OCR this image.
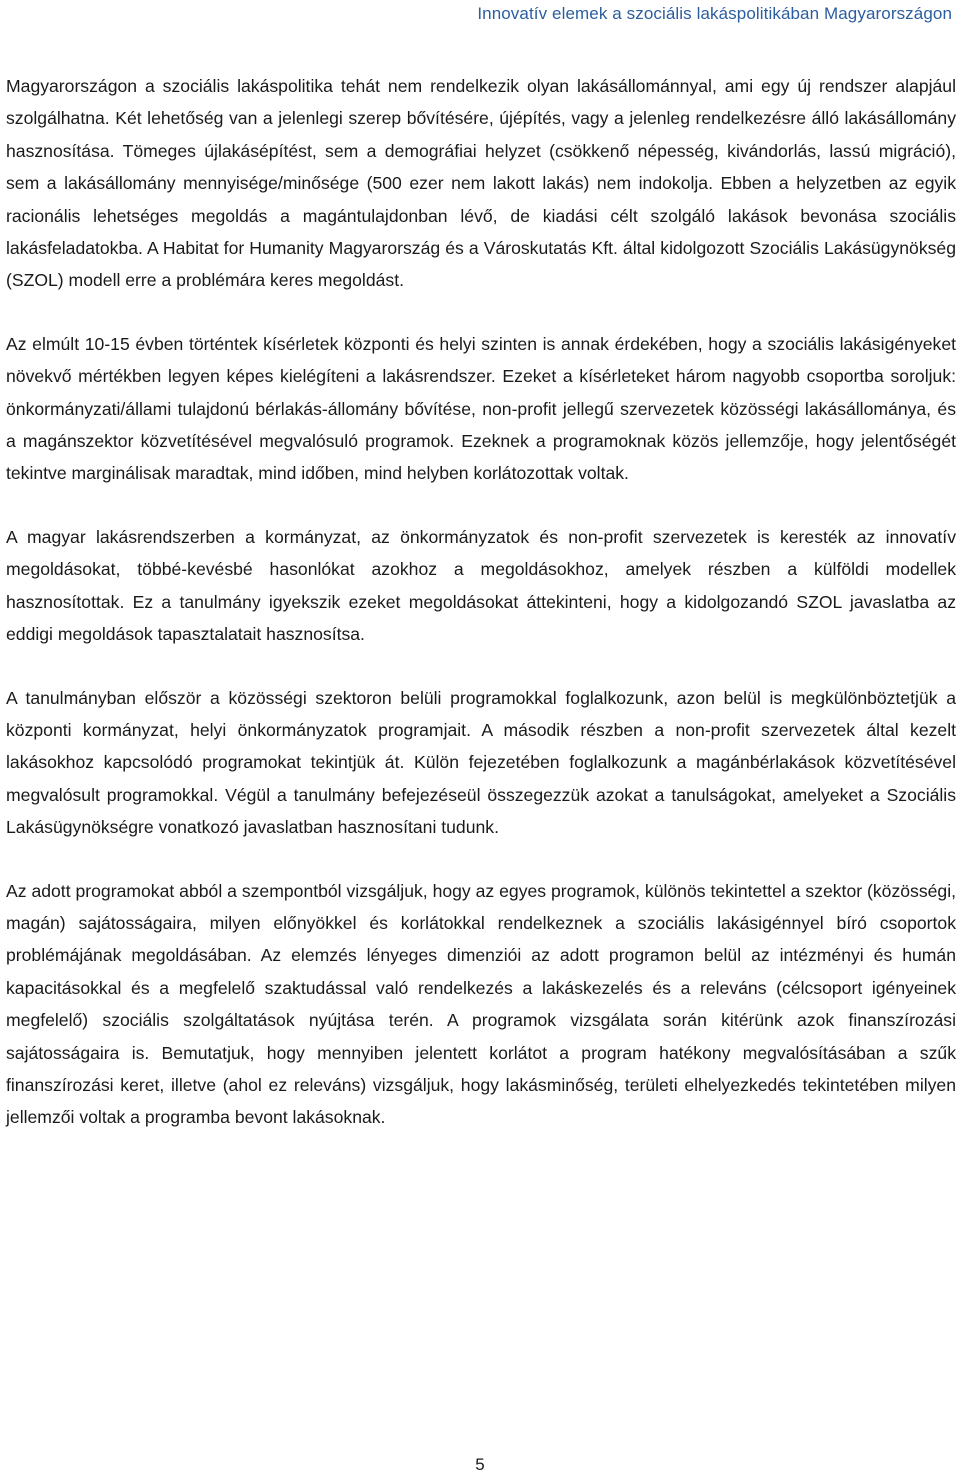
Innovatív elemek a szociális lakáspolitikában Magyarországon

Magyarországon a szociális lakáspolitika tehát nem rendelkezik olyan lakásállománnyal, ami egy új rendszer alapjául szolgálhatna. Két lehetőség van a jelenlegi szerep bővítésére, újépítés, vagy a jelenleg rendelkezésre álló lakásállomány hasznosítása. Tömeges újlakásépítést, sem a demográfiai helyzet (csökkenő népesség, kivándorlás, lassú migráció), sem a lakásállomány mennyisége/minősége (500 ezer nem lakott lakás) nem indokolja. Ebben a helyzetben az egyik racionális lehetséges megoldás a magántulajdonban lévő, de kiadási célt szolgáló lakások bevonása szociális lakásfeladatokba. A Habitat for Humanity Magyarország és a Városkutatás Kft. által kidolgozott Szociális Lakásügynökség (SZOL) modell erre a problémára keres megoldást.

Az elmúlt 10-15 évben történtek kísérletek központi és helyi szinten is annak érdekében, hogy a szociális lakásigényeket növekvő mértékben legyen képes kielégíteni a lakásrendszer. Ezeket a kísérleteket három nagyobb csoportba soroljuk: önkormányzati/állami tulajdonú bérlakás-állomány bővítése, non-profit jellegű szervezetek közösségi lakásállománya, és a magánszektor közvetítésével megvalósuló programok. Ezeknek a programoknak közös jellemzője, hogy jelentőségét tekintve marginálisak maradtak, mind időben, mind helyben korlátozottak voltak.

A magyar lakásrendszerben a kormányzat, az önkormányzatok és non-profit szervezetek is keresték az innovatív megoldásokat, többé-kevésbé hasonlókat azokhoz a megoldásokhoz, amelyek részben a külföldi modellek hasznosítottak. Ez a tanulmány igyekszik ezeket megoldásokat áttekinteni, hogy a kidolgozandó SZOL javaslatba az eddigi megoldások tapasztalatait hasznosítsa.

A tanulmányban először a közösségi szektoron belüli programokkal foglalkozunk, azon belül is megkülönböztetjük a központi kormányzat, helyi önkormányzatok programjait. A második részben a non-profit szervezetek által kezelt lakásokhoz kapcsolódó programokat tekintjük át. Külön fejezetében foglalkozunk a magánbérlakások közvetítésével megvalósult programokkal. Végül a tanulmány befejezéseül összegezzük azokat a tanulságokat, amelyeket a Szociális Lakásügynökségre vonatkozó javaslatban hasznosítani tudunk.

Az adott programokat abból a szempontból vizsgáljuk, hogy az egyes programok, különös tekintettel a szektor (közösségi, magán) sajátosságaira, milyen előnyökkel és korlátokkal rendelkeznek a szociális lakásigénnyel bíró csoportok problémájának megoldásában. Az elemzés lényeges dimenziói az adott programon belül az intézményi és humán kapacitásokkal és a megfelelő szaktudással való rendelkezés a lakáskezelés és a releváns (célcsoport igényeinek megfelelő) szociális szolgáltatások nyújtása terén. A programok vizsgálata során kitérünk azok finanszírozási sajátosságaira is. Bemutatjuk, hogy mennyiben jelentett korlátot a program hatékony megvalósításában a szűk finanszírozási keret, illetve (ahol ez releváns) vizsgáljuk, hogy lakásminőség, területi elhelyezkedés tekintetében milyen jellemzői voltak a programba bevont lakásoknak.

5
